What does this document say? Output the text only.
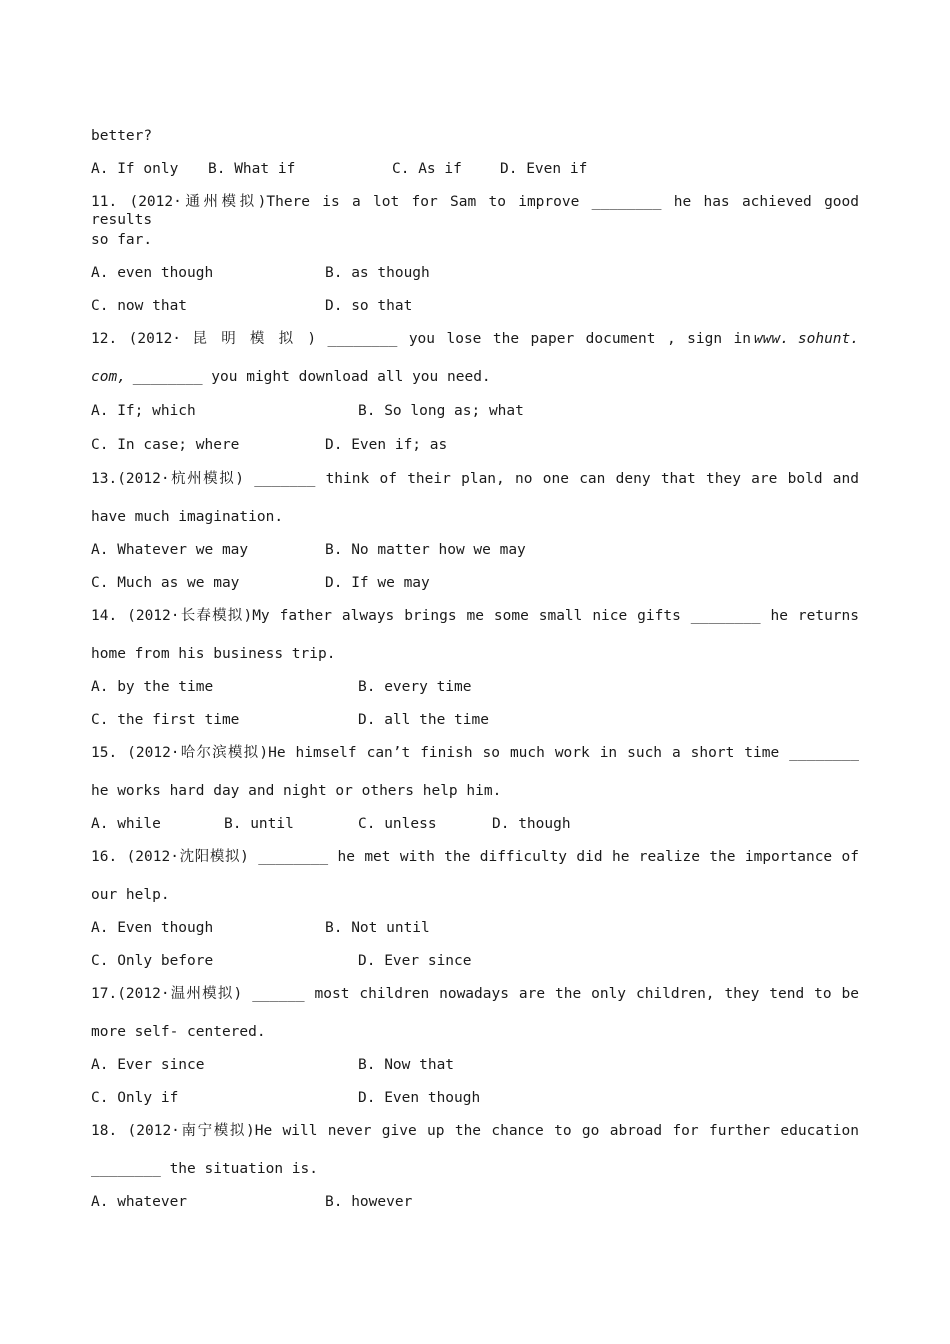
better?
A. If only B. What if	C. As if	D. Even if
11. (2012·通州模拟)There is a lot for Sam to improve ________ he has achieved good results
so far.
A. even though	B. as though
C. now that	D. so that
12. (2012· 昆 明 模 拟 ) ________ you lose the paper document , sign in www. sohunt.
com,
________ you might download all you need.
A. If; which	B. So long as; what
C. In case; where	D. Even if; as
13.(2012·杭州模拟) _______ think of their plan, no one can deny that they are bold and
have much imagination.
A. Whatever we may	B. No matter how we may
C. Much as we may	D. If we may
14. (2012·长春模拟)My father always brings me some small nice gifts ________ he returns
home from his business trip.
A. by the time	B. every time
C. the first time	D. all the time
15. (2012·哈尔滨模拟)He himself can’t finish so much work in such a short time ________
he works hard day and night or others help him.
A. while	B. until	C. unless	D. though
16. (2012·沈阳模拟) ________ he met with the difficulty did he realize the importance of
our help.
A. Even though	B. Not until
C. Only before	D. Ever since
17.(2012·温州模拟) ______ most children nowadays are the only children, they tend to be
more self- centered.
A. Ever since	B. Now that
C. Only if	D. Even though
18. (2012·南宁模拟)He will never give up the chance to go abroad for further education
________ the situation is.
A. whatever	B. however
